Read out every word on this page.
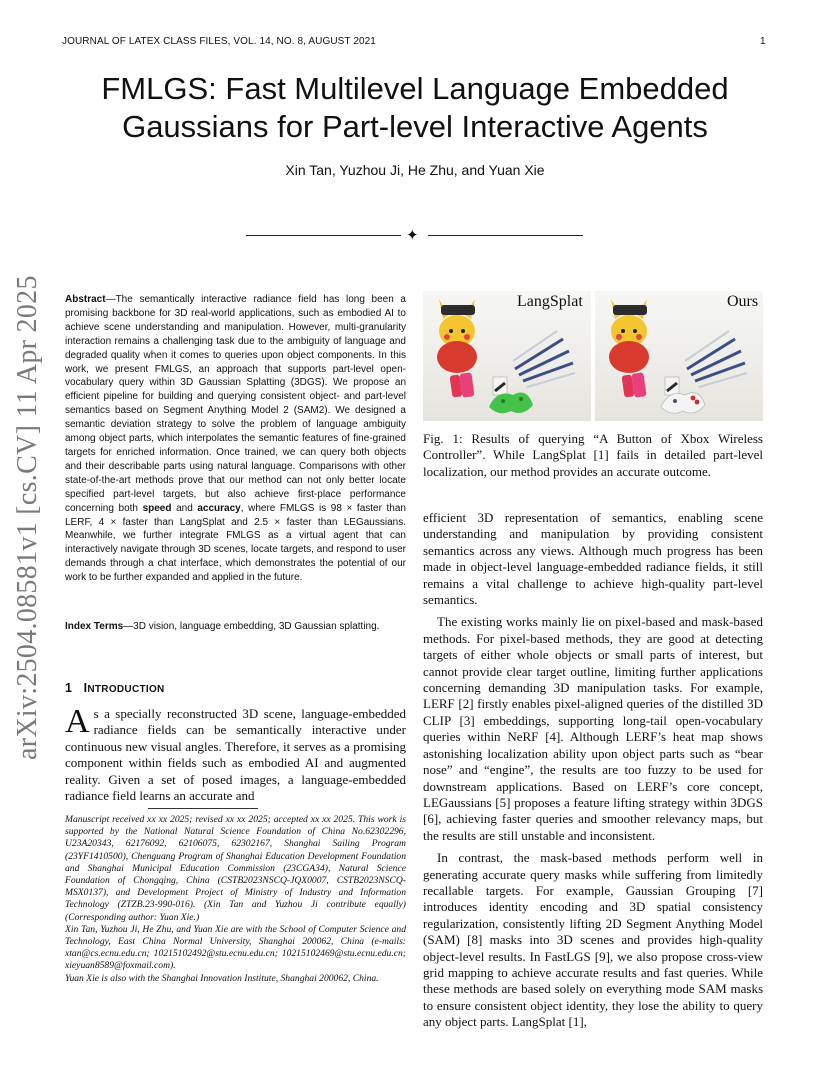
JOURNAL OF LATEX CLASS FILES, VOL. 14, NO. 8, AUGUST 2021	1
FMLGS: Fast Multilevel Language Embedded
Gaussians for Part-level Interactive Agents
Xin Tan, Yuzhou Ji, He Zhu, and Yuan Xie
✦
arXiv:2504.08581v1 [cs.CV] 11 Apr 2025 Abstract—The semantically interactive radiance field has long been a promising backbone for 3D real-world applications, such as embodied AI to achieve scene understanding and manipulation. However, multi-granularity interaction remains a challenging task due to the ambiguity of language and degraded quality when it comes to queries upon object components. In this work, we present FMLGS, an approach that supports part-level open-vocabulary query within 3D Gaussian Splatting (3DGS). We propose an efficient pipeline for building and querying consistent object- and part-level semantics based on Segment Anything Model 2 (SAM2). We designed a semantic deviation strategy to solve the problem of language ambiguity among object parts, which interpolates the semantic features of fine-grained targets for enriched information. Once trained, we can query both objects and their describable parts using natural language. Comparisons with other state-of-the-art methods prove that our method can not only better locate specified part-level targets, but also achieve first-place performance concerning both speed and accuracy, where FMLGS is 98 × faster than LERF, 4 × faster than LangSplat and 2.5 × faster than LEGaussians. Meanwhile, we further integrate FMLGS as a virtual agent that can interactively navigate through 3D scenes, locate targets, and respond to user demands through a chat interface, which demonstrates the potential of our work to be further expanded and applied in the future.
Index Terms—3D vision, language embedding, 3D Gaussian splatting.
1 INTRODUCTION
As a specially reconstructed 3D scene, language-embedded radiance fields can be semantically interactive under continuous new visual angles. Therefore, it serves as a promising component within fields such as embodied AI and augmented reality. Given a set of posed images, a language-embedded radiance field learns an accurate and

Manuscript received xx xx 2025; revised xx xx 2025; accepted xx xx 2025. This work is supported by the National Natural Science Foundation of China No.62302296, U23A20343, 62176092, 62106075, 62302167, Shanghai Sailing Program (23YF1410500), Chenguang Program of Shanghai Education Development Foundation and Shanghai Municipal Education Commission (23CGA34), Natural Science Foundation of Chongqing, China (CSTB2023NSCQ-JQX0007, CSTB2023NSCQ-MSX0137), and Development Project of Ministry of Industry and Information Technology (ZTZB.23-990-016). (Xin Tan and Yuzhou Ji contribute equally) (Corresponding author: Yuan Xie.)

Xin Tan, Yuzhou Ji, He Zhu, and Yuan Xie are with the School of Computer Science and Technology, East China Normal University, Shanghai 200062, China (e-mails: xtan@cs.ecnu.edu.cn; 10215102492@stu.ecnu.edu.cn; 10215102469@stu.ecnu.edu.cn; xieyuan8589@foxmail.com).

Yuan Xie is also with the Shanghai Innovation Institute, Shanghai 200062, China.

LangSplat	Ours
Fig. 1: Results of querying “A Button of Xbox Wireless Controller”. While LangSplat [1] fails in detailed part-level localization, our method provides an accurate outcome.

efficient 3D representation of semantics, enabling scene understanding and manipulation by providing consistent semantics across any views. Although much progress has been made in object-level language-embedded radiance fields, it still remains a vital challenge to achieve high-quality part-level semantics.

The existing works mainly lie on pixel-based and mask-based methods. For pixel-based methods, they are good at detecting targets of either whole objects or small parts of interest, but cannot provide clear target outline, limiting further applications concerning demanding 3D manipulation tasks. For example, LERF [2] firstly enables pixel-aligned queries of the distilled 3D CLIP [3] embeddings, supporting long-tail open-vocabulary queries within NeRF [4]. Although LERF’s heat map shows astonishing localization ability upon object parts such as “bear nose” and “engine”, the results are too fuzzy to be used for downstream applications. Based on LERF’s core concept, LEGaussians [5] proposes a feature lifting strategy within 3DGS [6], achieving faster queries and smoother relevancy maps, but the results are still unstable and inconsistent.

In contrast, the mask-based methods perform well in generating accurate query masks while suffering from limitedly recallable targets. For example, Gaussian Grouping [7] introduces identity encoding and 3D spatial consistency regularization, consistently lifting 2D Segment Anything Model (SAM) [8] masks into 3D scenes and provides high-quality object-level results. In FastLGS [9], we also propose cross-view grid mapping to achieve accurate results and fast queries. While these methods are based solely on everything mode SAM masks to ensure consistent object identity, they lose the ability to query any object parts. LangSplat [1],
